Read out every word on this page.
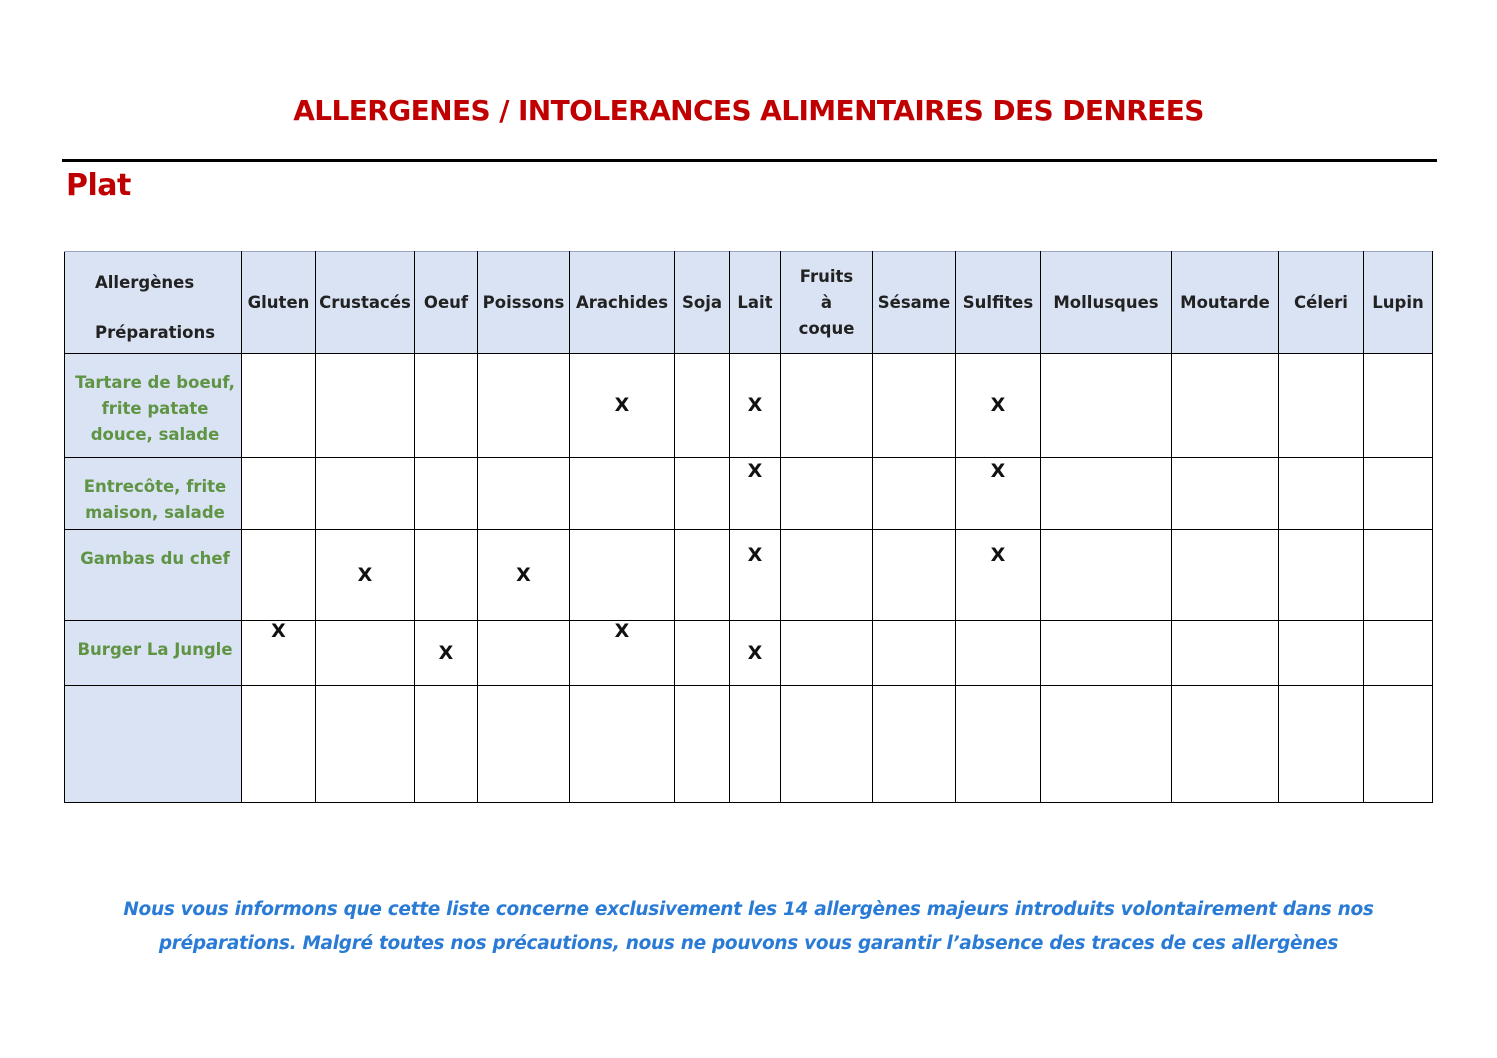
ALLERGENES / INTOLERANCES ALIMENTAIRES DES DENREES
Plat
Allergènes
Préparations	Gluten	Crustacés	Oeuf	Poissons	Arachides	Soja	Lait	Fruits à coque	Sésame	Sulfites	Mollusques	Moutarde	Céleri	Lupin
Tartare de boeuf, frite patate douce, salade					X		X			X				
Entrecôte, frite maison, salade							X			X				
Gambas du chef		X		X			X			X				
Burger La Jungle	X		X		X		X							

Nous vous informons que cette liste concerne exclusivement les 14 allergènes majeurs introduits volontairement dans nos
préparations. Malgré toutes nos précautions, nous ne pouvons vous garantir l’absence des traces de ces allergènes
